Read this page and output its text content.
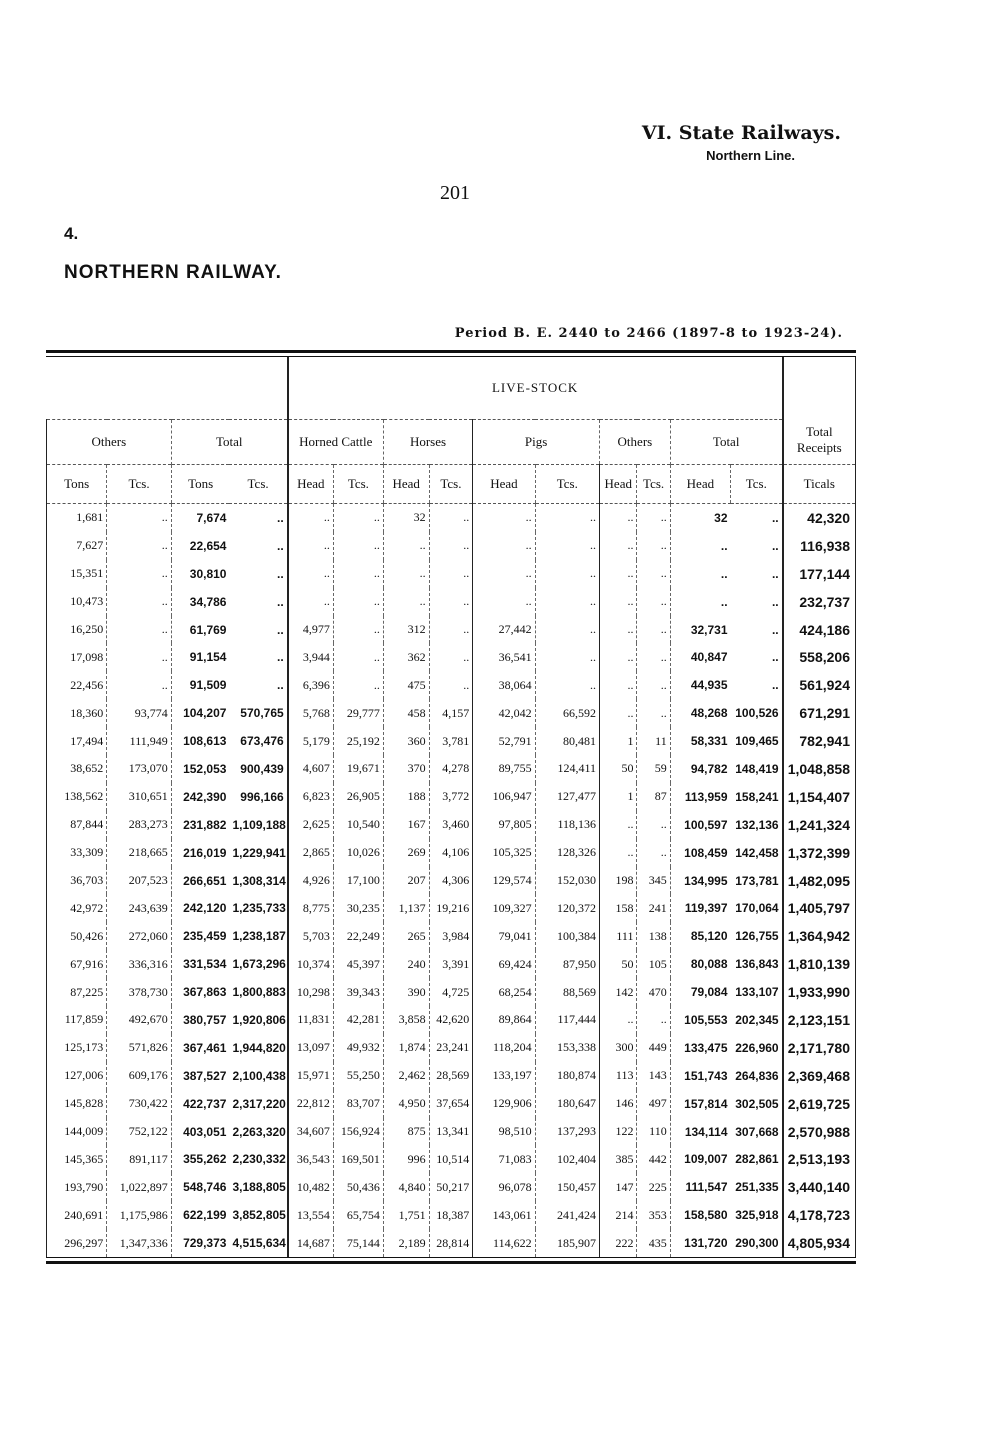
VI. State Railways.
Northern Line.
201
4.
NORTHERN RAILWAY.
Period B. E. 2440 to 2466 (1897-8 to 1923-24).
				LIVE-STOCK										Total Receipts
Others		Total		Horned Cattle		Horses		Pigs		Others		Total		
Tons	Tcs.	Tons	Tcs.	Head	Tcs.	Head	Tcs.	Head	Tcs.	Head	Tcs.	Head	Tcs.	Ticals
1,681	..	7,674	..	..	..	32	..	..	..	..	..	32	..	42,320
7,627	..	22,654	..	..	..	..	..	..	..	..	..	..	..	116,938
15,351	..	30,810	..	..	..	..	..	..	..	..	..	..	..	177,144
10,473	..	34,786	..	..	..	..	..	..	..	..	..	..	..	232,737
16,250	..	61,769	..	4,977	..	312	..	27,442	..	..	..	32,731	..	424,186
17,098	..	91,154	..	3,944	..	362	..	36,541	..	..	..	40,847	..	558,206
22,456	..	91,509	..	6,396	..	475	..	38,064	..	..	..	44,935	..	561,924
18,360	93,774	104,207	570,765	5,768	29,777	458	4,157	42,042	66,592	..	..	48,268	100,526	671,291
17,494	111,949	108,613	673,476	5,179	25,192	360	3,781	52,791	80,481	1	11	58,331	109,465	782,941
38,652	173,070	152,053	900,439	4,607	19,671	370	4,278	89,755	124,411	50	59	94,782	148,419	1,048,858
138,562	310,651	242,390	996,166	6,823	26,905	188	3,772	106,947	127,477	1	87	113,959	158,241	1,154,407
87,844	283,273	231,882	1,109,188	2,625	10,540	167	3,460	97,805	118,136	..	..	100,597	132,136	1,241,324
33,309	218,665	216,019	1,229,941	2,865	10,026	269	4,106	105,325	128,326	..	..	108,459	142,458	1,372,399
36,703	207,523	266,651	1,308,314	4,926	17,100	207	4,306	129,574	152,030	198	345	134,995	173,781	1,482,095
42,972	243,639	242,120	1,235,733	8,775	30,235	1,137	19,216	109,327	120,372	158	241	119,397	170,064	1,405,797
50,426	272,060	235,459	1,238,187	5,703	22,249	265	3,984	79,041	100,384	111	138	85,120	126,755	1,364,942
67,916	336,316	331,534	1,673,296	10,374	45,397	240	3,391	69,424	87,950	50	105	80,088	136,843	1,810,139
87,225	378,730	367,863	1,800,883	10,298	39,343	390	4,725	68,254	88,569	142	470	79,084	133,107	1,933,990
117,859	492,670	380,757	1,920,806	11,831	42,281	3,858	42,620	89,864	117,444	..	..	105,553	202,345	2,123,151
125,173	571,826	367,461	1,944,820	13,097	49,932	1,874	23,241	118,204	153,338	300	449	133,475	226,960	2,171,780
127,006	609,176	387,527	2,100,438	15,971	55,250	2,462	28,569	133,197	180,874	113	143	151,743	264,836	2,369,468
145,828	730,422	422,737	2,317,220	22,812	83,707	4,950	37,654	129,906	180,647	146	497	157,814	302,505	2,619,725
144,009	752,122	403,051	2,263,320	34,607	156,924	875	13,341	98,510	137,293	122	110	134,114	307,668	2,570,988
145,365	891,117	355,262	2,230,332	36,543	169,501	996	10,514	71,083	102,404	385	442	109,007	282,861	2,513,193
193,790	1,022,897	548,746	3,188,805	10,482	50,436	4,840	50,217	96,078	150,457	147	225	111,547	251,335	3,440,140
240,691	1,175,986	622,199	3,852,805	13,554	65,754	1,751	18,387	143,061	241,424	214	353	158,580	325,918	4,178,723
296,297	1,347,336	729,373	4,515,634	14,687	75,144	2,189	28,814	114,622	185,907	222	435	131,720	290,300	4,805,934
